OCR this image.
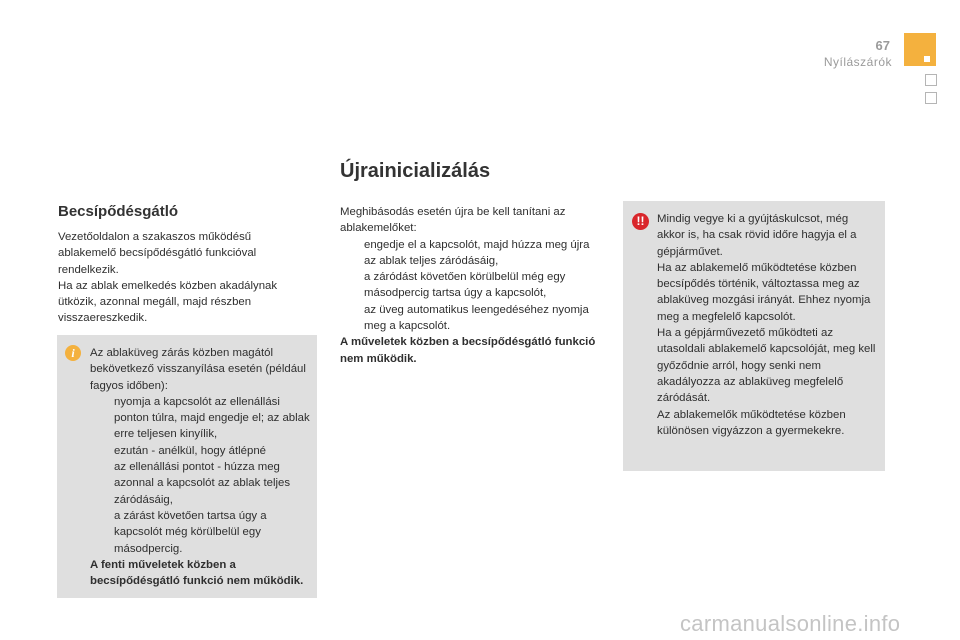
67
Nyílászárók
Újrainicializálás
Becsípődésgátló

Vezetőoldalon a szakaszos működésű ablakemelő becsípődésgátló funkcióval rendelkezik.

Ha az ablak emelkedés közben akadálynak ütközik, azonnal megáll, majd részben visszaereszkedik.

i	Az ablaküveg zárás közben magától bekövetkező visszanyílása esetén (például fagyos időben):

nyomja a kapcsolót az ellenállási ponton túlra, majd engedje el; az ablak erre teljesen kinyílik,
ezután - anélkül, hogy átlépné
az ellenállási pontot - húzza meg azonnal a kapcsolót az ablak teljes záródásáig,
a zárást követően tartsa úgy a kapcsolót még körülbelül egy másodpercig.

A fenti műveletek közben a becsípődésgátló funkció nem működik.

Meghibásodás esetén újra be kell tanítani az ablakemelőket:

engedje el a kapcsolót, majd húzza meg újra az ablak teljes záródásáig,
a záródást követően körülbelül még egy másodpercig tartsa úgy a kapcsolót,
az üveg automatikus leengedéséhez nyomja meg a kapcsolót.

A műveletek közben a becsípődésgátló funkció nem működik.

!!	Mindig vegye ki a gyújtáskulcsot, még akkor is, ha csak rövid időre hagyja el a gépjárművet.

Ha az ablakemelő működtetése közben becsípődés történik, változtassa meg az ablaküveg mozgási irányát. Ehhez nyomja meg a megfelelő kapcsolót.

Ha a gépjárművezető működteti az utasoldali ablakemelő kapcsolóját, meg kell győződnie arról, hogy senki nem akadályozza az ablaküveg megfelelő záródását.

Az ablakemelők működtetése közben különösen vigyázzon a gyermekekre.

carmanualsonline.info
